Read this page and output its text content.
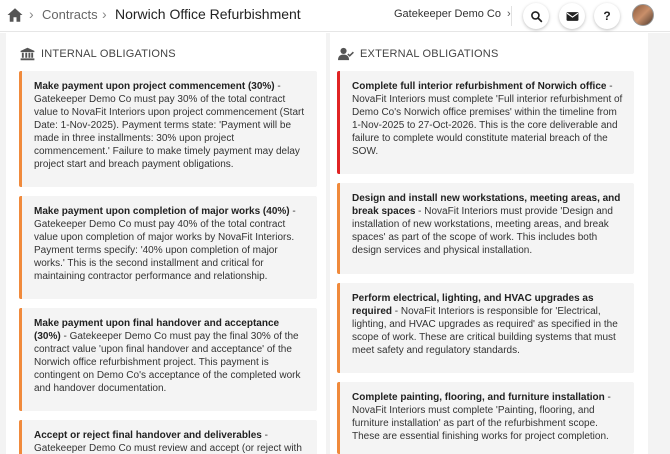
› Contracts › Norwich Office Refurbishment	Gatekeeper Demo Co ›	?
INTERNAL OBLIGATIONS	EXTERNAL OBLIGATIONS
Make payment upon project commencement (30%) - Gatekeeper Demo Co must pay 30% of the total contract value to NovaFit Interiors upon project commencement (Start Date: 1-Nov-2025). Payment terms state: 'Payment will be made in three installments: 30% upon project commencement.' Failure to make timely payment may delay project start and breach payment obligations.
Make payment upon completion of major works (40%) - Gatekeeper Demo Co must pay 40% of the total contract value upon completion of major works by NovaFit Interiors. Payment terms specify: '40% upon completion of major works.' This is the second installment and critical for maintaining contractor performance and relationship.
Make payment upon final handover and acceptance (30%) - Gatekeeper Demo Co must pay the final 30% of the contract value 'upon final handover and acceptance' of the Norwich office refurbishment project. This payment is contingent on Demo Co's acceptance of the completed work and handover documentation.
Accept or reject final handover and deliverables - Gatekeeper Demo Co must review and accept (or reject with
Complete full interior refurbishment of Norwich office - NovaFit Interiors must complete 'Full interior refurbishment of Demo Co's Norwich office premises' within the timeline from 1-Nov-2025 to 27-Oct-2026. This is the core deliverable and failure to complete would constitute material breach of the SOW.
Design and install new workstations, meeting areas, and break spaces - NovaFit Interiors must provide 'Design and installation of new workstations, meeting areas, and break spaces' as part of the scope of work. This includes both design services and physical installation.
Perform electrical, lighting, and HVAC upgrades as required - NovaFit Interiors is responsible for 'Electrical, lighting, and HVAC upgrades as required' as specified in the scope of work. These are critical building systems that must meet safety and regulatory standards.
Complete painting, flooring, and furniture installation - NovaFit Interiors must complete 'Painting, flooring, and furniture installation' as part of the refurbishment scope. These are essential finishing works for project completion.
